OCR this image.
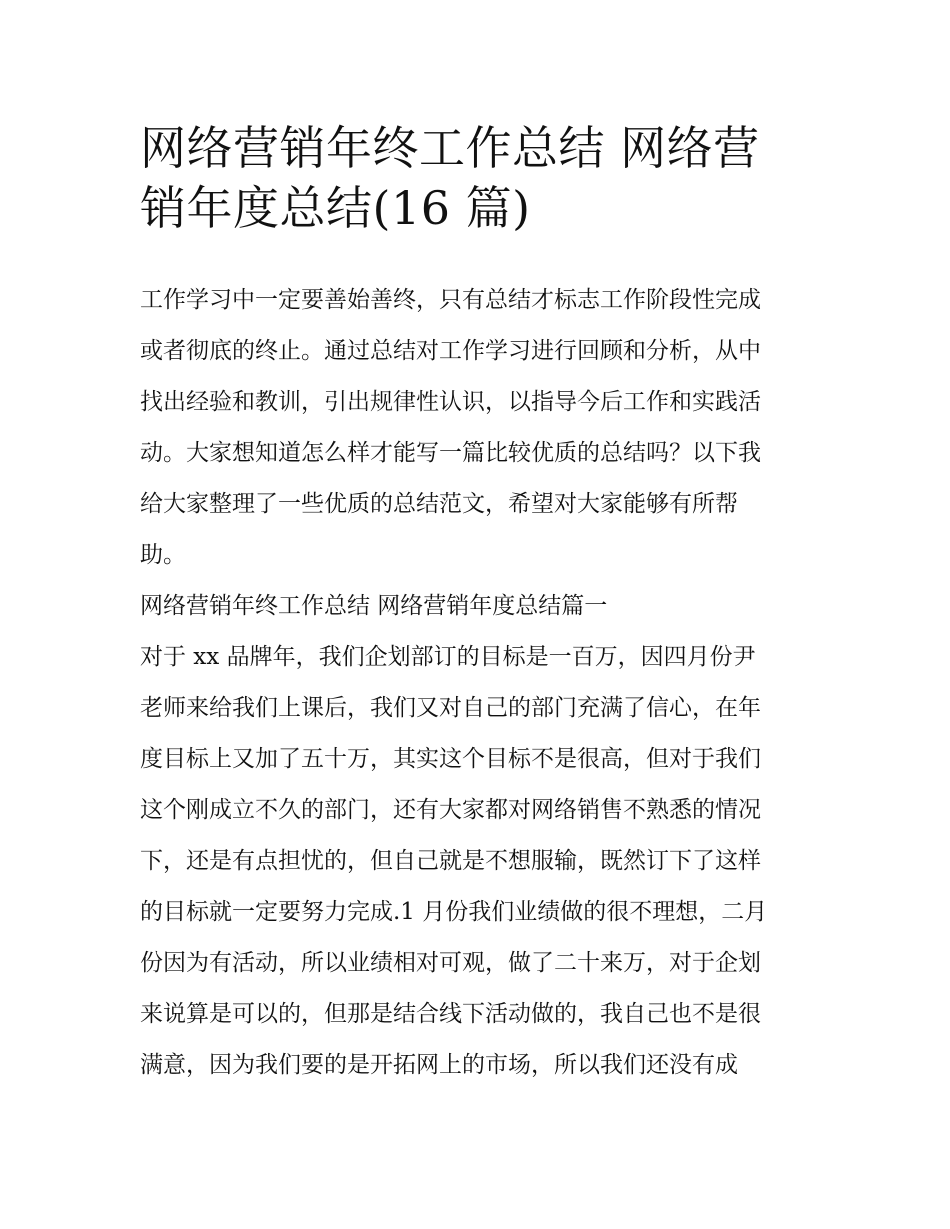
网络营销年终工作总结 网络营
销年度总结(16 篇)

工作学习中一定要善始善终，只有总结才标志工作阶段性完成
或者彻底的终止。通过总结对工作学习进行回顾和分析，从中
找出经验和教训，引出规律性认识，以指导今后工作和实践活
动。大家想知道怎么样才能写一篇比较优质的总结吗？以下我
给大家整理了一些优质的总结范文，希望对大家能够有所帮
助。

网络营销年终工作总结 网络营销年度总结篇一

对于 xx 品牌年，我们企划部订的目标是一百万，因四月份尹
老师来给我们上课后，我们又对自己的部门充满了信心，在年
度目标上又加了五十万，其实这个目标不是很高，但对于我们
这个刚成立不久的部门，还有大家都对网络销售不熟悉的情况
下，还是有点担忧的，但自己就是不想服输，既然订下了这样
的目标就一定要努力完成.1 月份我们业绩做的很不理想，二月
份因为有活动，所以业绩相对可观，做了二十来万，对于企划
来说算是可以的，但那是结合线下活动做的，我自己也不是很
满意，因为我们要的是开拓网上的市场，所以我们还没有成
